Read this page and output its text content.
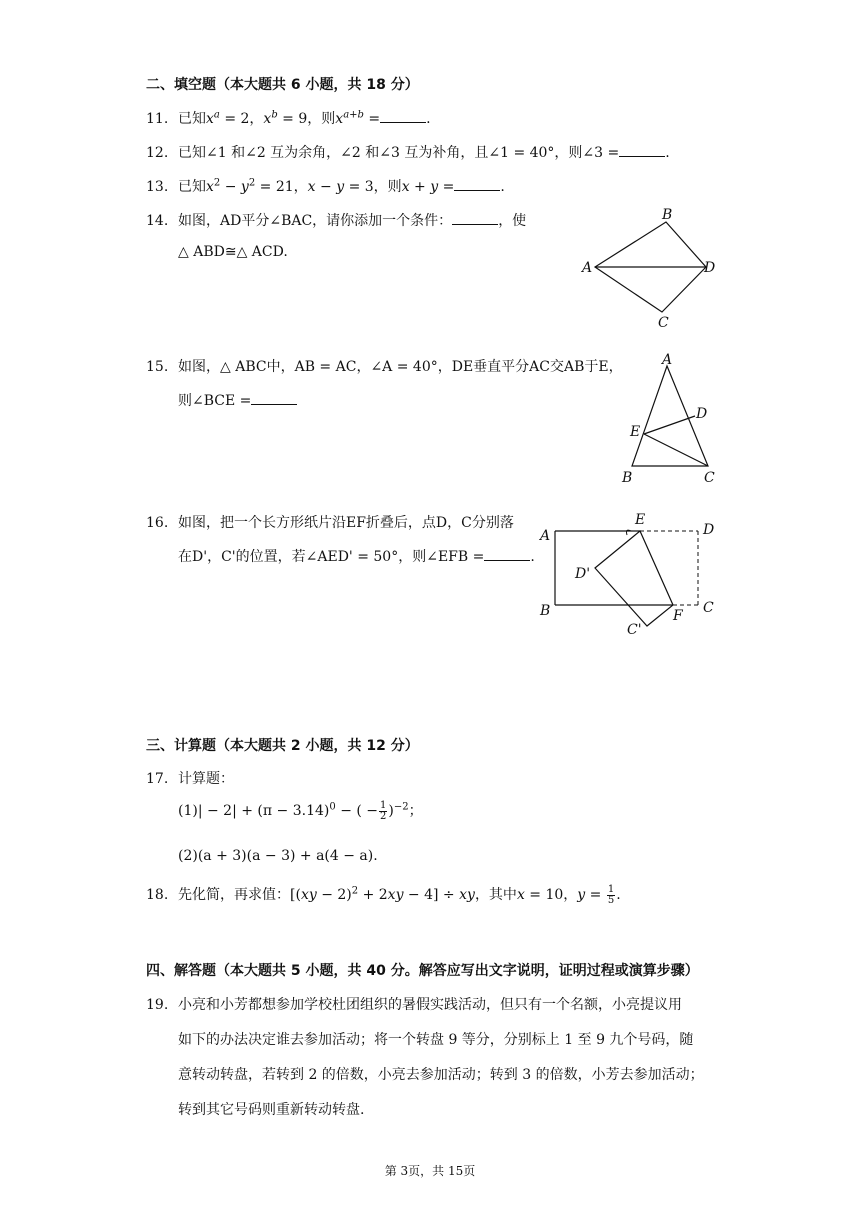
二、填空题（本大题共 6 小题，共 18 分）
11. 已知$x^a = 2$，$x^b = 9$，则$x^{a+b}$ =	.
12. 已知∠1 和∠2 互为余角，∠2 和∠3 互为补角，且∠1 = 40°，则∠3 =	.
13. 已知$x^2 - y^2 = 21$，x − y = 3，则x + y =	.
14. 如图，AD平分∠BAC，请你添加一个条件：	，使
△ ABD≅△ ACD.
B
A	D
C
15. 如图，△ ABC中，AB = AC，∠A = 40°，DE垂直平分AC交AB于E，
则∠BCE =
A
D
E
B	C
16. 如图，把一个长方形纸片沿EF折叠后，点D，C分别落
在D'，C'的位置，若∠AED' = 50°，则∠EFB =	.
E
D
A
B	C
D'
F
C'
三、计算题（本大题共 2 小题，共 12 分）
17. 计算题：
$(1)| - 2| + (\pi - 3.14)^0$ − ( − $\frac{1}{2} )^{-2}$；
(2)(a + 3)(a − 3) + a(4 − a).
18. 先化简，再求值：[(xy − 2)$^2$ + 2xy − 4] ÷ xy，其中x = 10，$y = \frac{1}{5}$ .
四、解答题（本大题共 5 小题，共 40 分。解答应写出文字说明，证明过程或演算步骤）
19. 小亮和小芳都想参加学校杜团组织的暑假实践活动，但只有一个名额，小亮提议用
如下的办法决定谁去参加活动；将一个转盘 9 等分，分别标上 1 至 9 九个号码，随
意转动转盘，若转到 2 的倍数，小亮去参加活动；转到 3 的倍数，小芳去参加活动；
转到其它号码则重新转动转盘.
第 3页，共 15页
